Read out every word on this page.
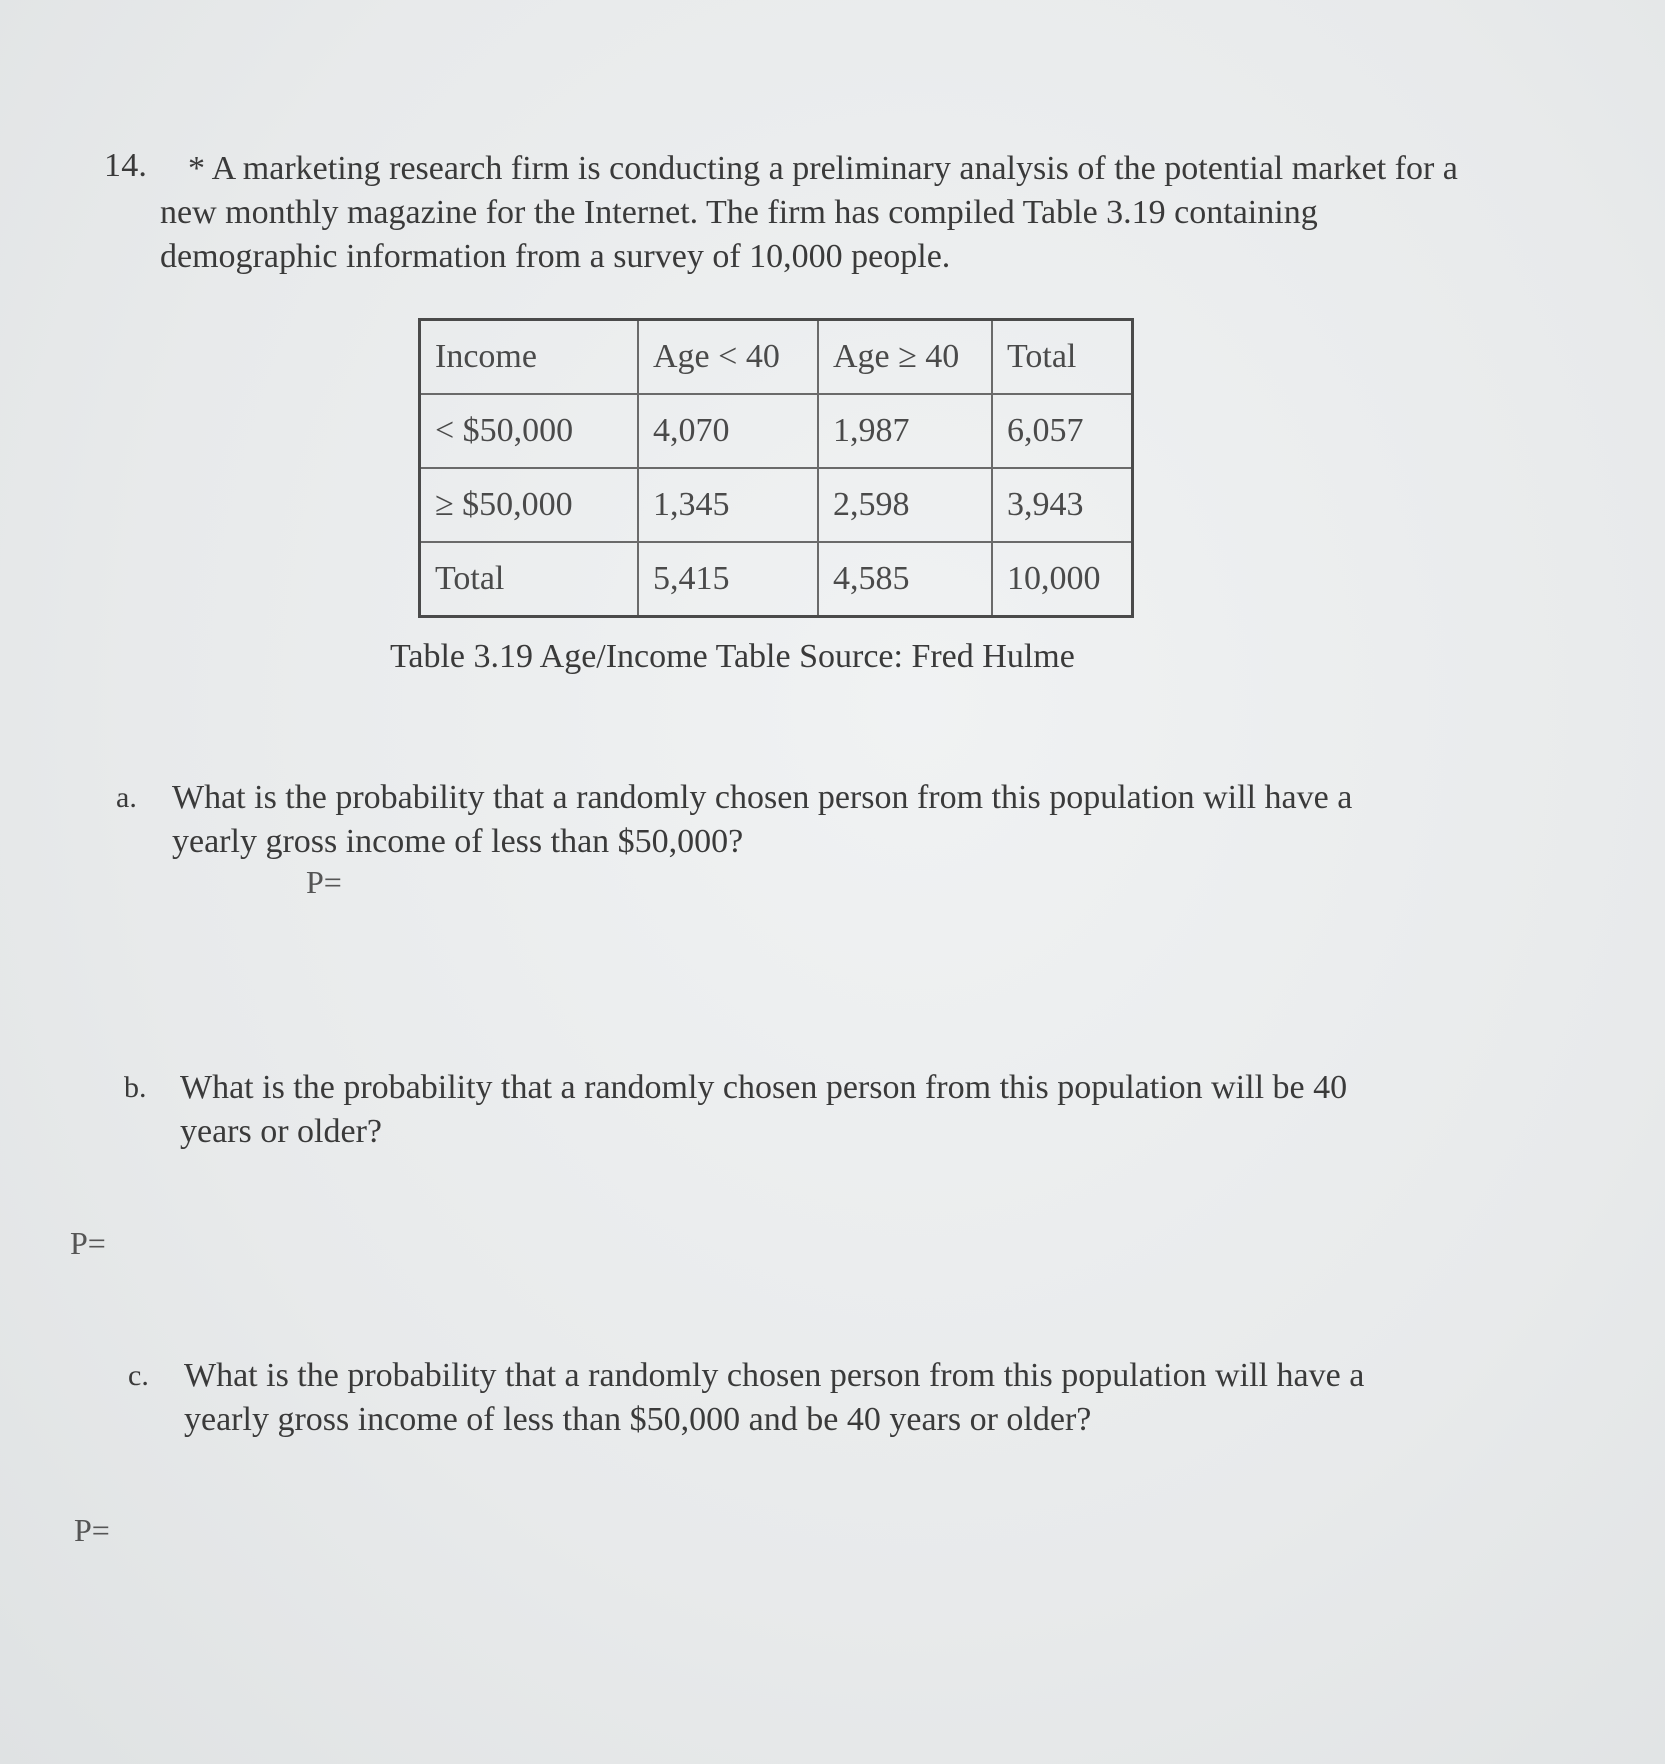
14. * A marketing research firm is conducting a preliminary analysis of the potential market for a
new monthly magazine for the Internet. The firm has compiled Table 3.19 containing
demographic information from a survey of 10,000 people.
Income	Age < 40	Age ≥ 40	Total
< $50,000	4,070	1,987	6,057
≥ $50,000	1,345	2,598	3,943
Total	5,415	4,585	10,000
Table 3.19 Age/Income Table Source: Fred Hulme
a. What is the probability that a randomly chosen person from this population will have a
yearly gross income of less than $50,000?
P=
b. What is the probability that a randomly chosen person from this population will be 40
years or older?
P=
c. What is the probability that a randomly chosen person from this population will have a
yearly gross income of less than $50,000 and be 40 years or older?
P=
